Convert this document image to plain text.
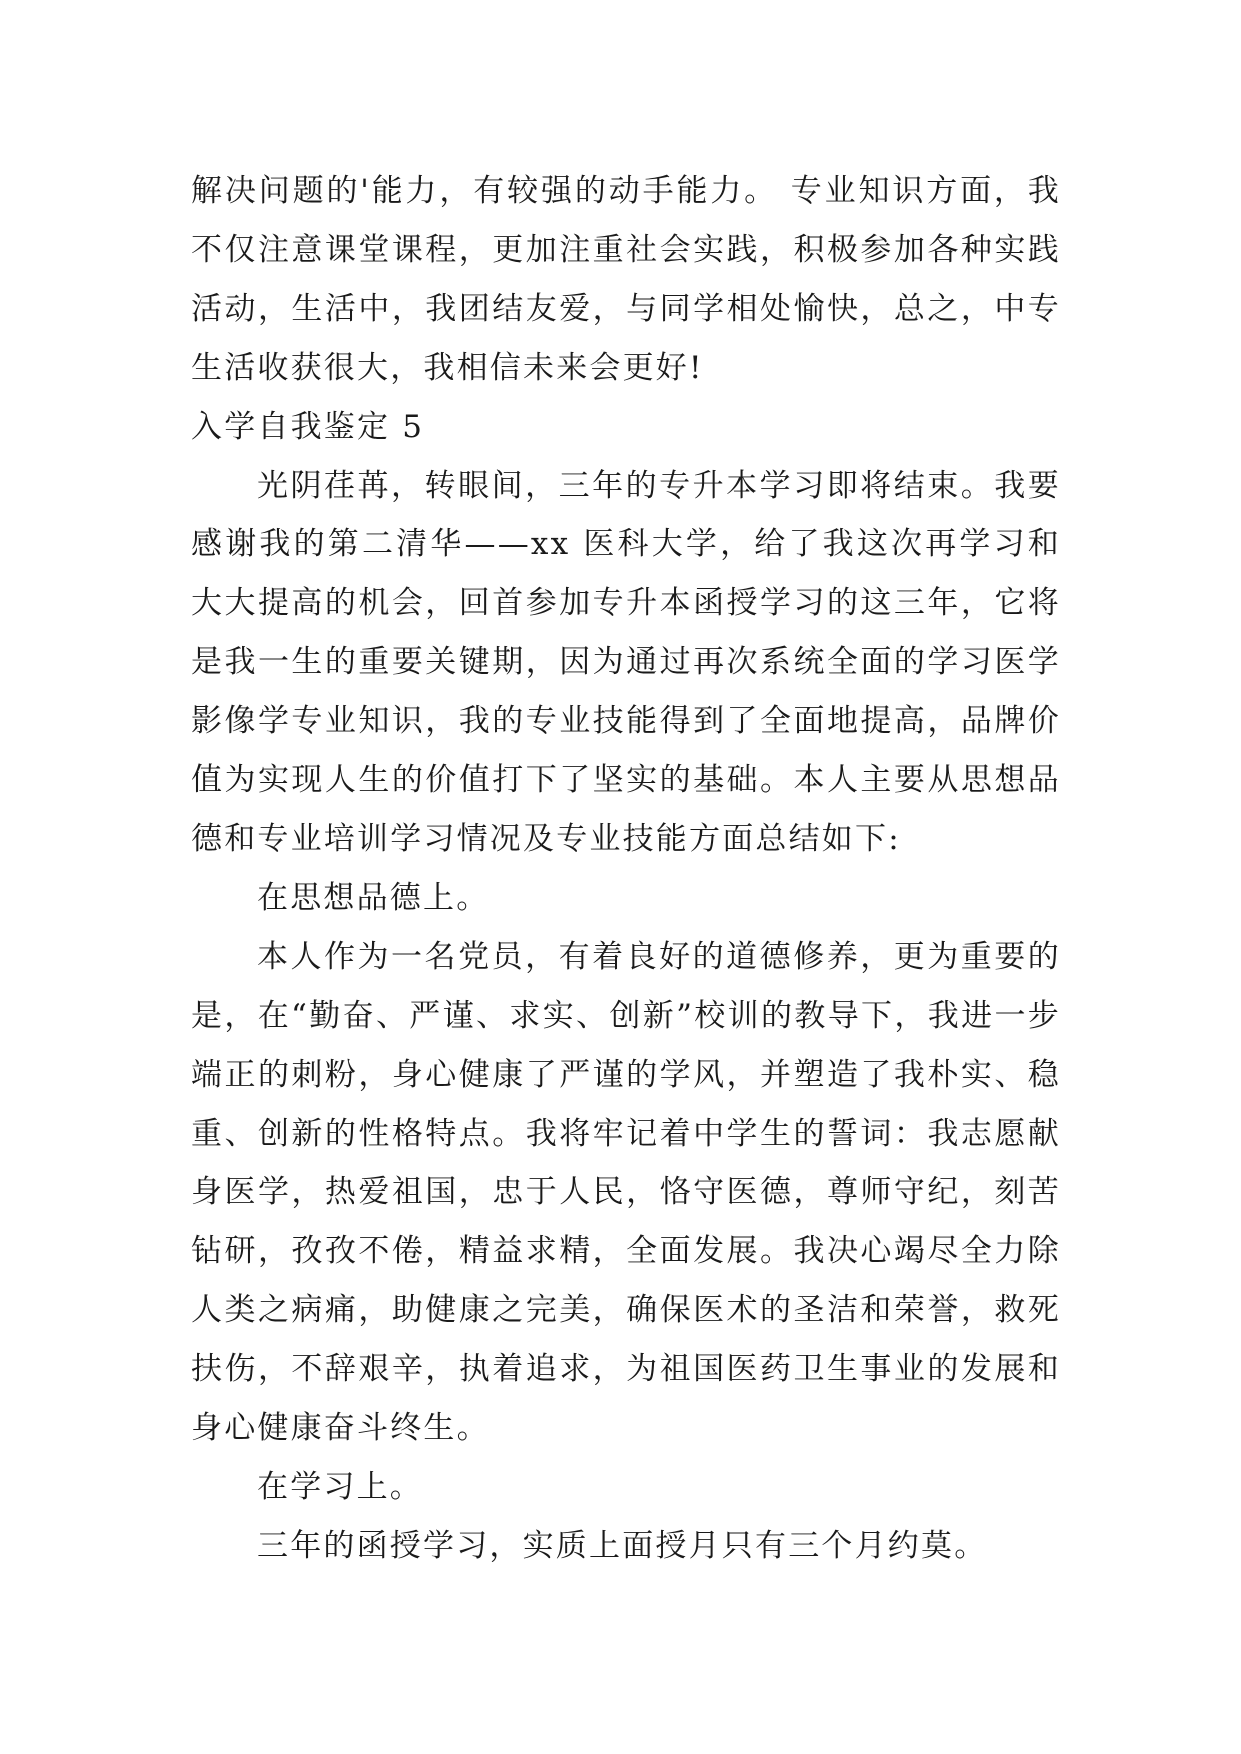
解决问题的'能力，有较强的动手能力。 专业知识方面，我不仅注意课堂课程，更加注重社会实践，积极参加各种实践活动，生活中，我团结友爱，与同学相处愉快，总之，中专生活收获很大，我相信未来会更好!

入学自我鉴定 5

光阴荏苒，转眼间，三年的专升本学习即将结束。我要感谢我的第二清华——xx 医科大学，给了我这次再学习和大大提高的机会，回首参加专升本函授学习的这三年，它将是我一生的重要关键期，因为通过再次系统全面的学习医学影像学专业知识，我的专业技能得到了全面地提高，品牌价值为实现人生的价值打下了坚实的基础。本人主要从思想品德和专业培训学习情况及专业技能方面总结如下:

在思想品德上。

本人作为一名党员，有着良好的道德修养，更为重要的是，在“勤奋、严谨、求实、创新”校训的教导下，我进一步端正的刺粉，身心健康了严谨的学风，并塑造了我朴实、稳重、创新的性格特点。我将牢记着中学生的誓词：我志愿献身医学，热爱祖国，忠于人民，恪守医德，尊师守纪，刻苦钻研，孜孜不倦，精益求精，全面发展。我决心竭尽全力除人类之病痛，助健康之完美，确保医术的圣洁和荣誉，救死扶伤，不辞艰辛，执着追求，为祖国医药卫生事业的发展和身心健康奋斗终生。

在学习上。

三年的函授学习，实质上面授月只有三个月约莫。
